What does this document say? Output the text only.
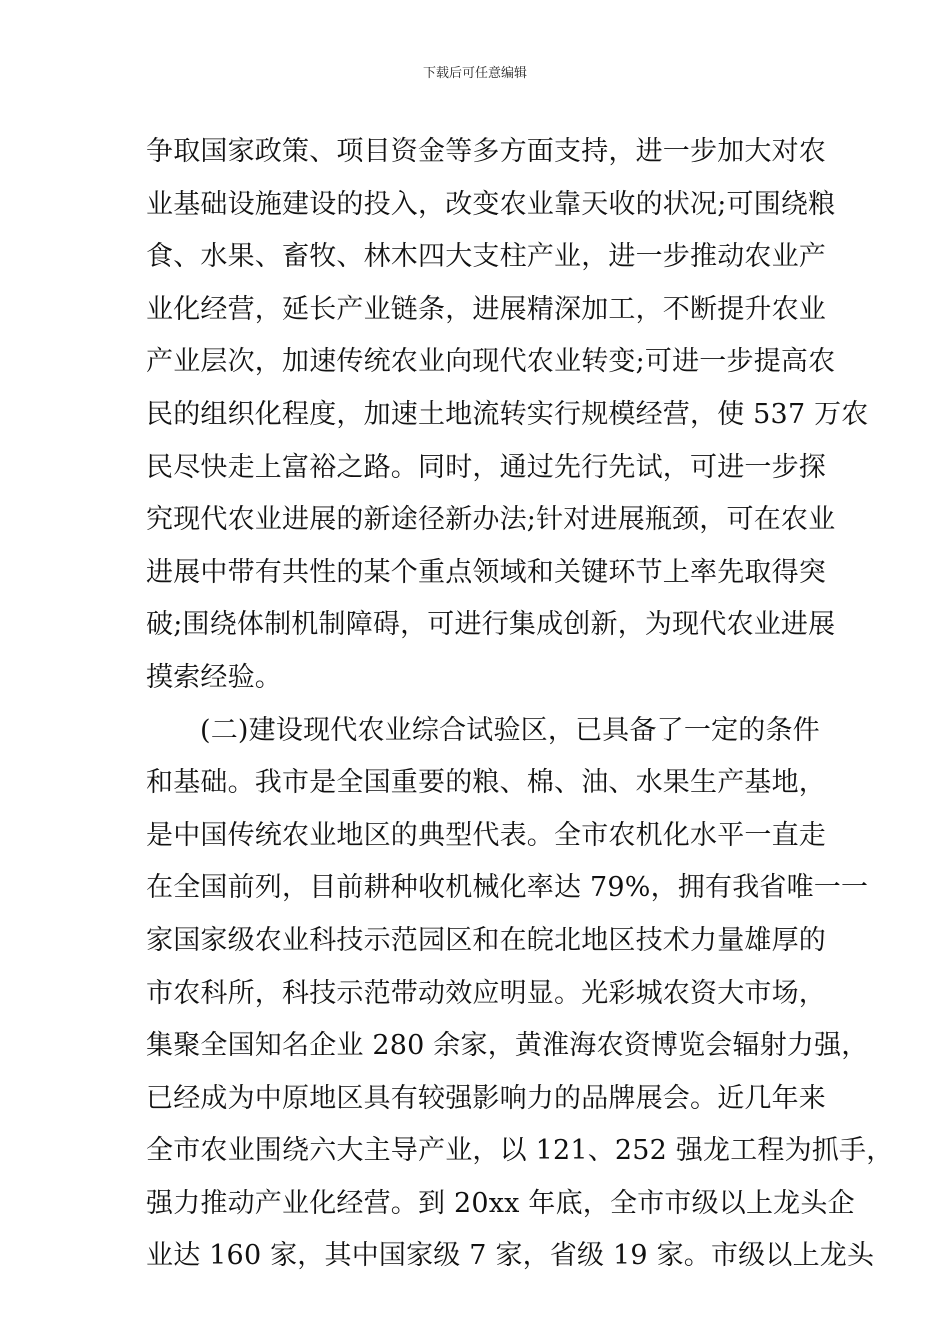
下载后可任意编辑
争取国家政策、项目资金等多方面支持，进一步加大对农
业基础设施建设的投入，改变农业靠天收的状况;可围绕粮
食、水果、畜牧、林木四大支柱产业，进一步推动农业产
业化经营，延长产业链条，进展精深加工，不断提升农业
产业层次，加速传统农业向现代农业转变;可进一步提高农
民的组织化程度，加速土地流转实行规模经营，使 537 万农
民尽快走上富裕之路。同时，通过先行先试，可进一步探
究现代农业进展的新途径新办法;针对进展瓶颈，可在农业
进展中带有共性的某个重点领域和关键环节上率先取得突
破;围绕体制机制障碍，可进行集成创新，为现代农业进展
摸索经验。
(二)建设现代农业综合试验区，已具备了一定的条件
和基础。我市是全国重要的粮、棉、油、水果生产基地，
是中国传统农业地区的典型代表。全市农机化水平一直走
在全国前列，目前耕种收机械化率达 79%，拥有我省唯一一
家国家级农业科技示范园区和在皖北地区技术力量雄厚的
市农科所，科技示范带动效应明显。光彩城农资大市场，
集聚全国知名企业 280 余家，黄淮海农资博览会辐射力强，
已经成为中原地区具有较强影响力的品牌展会。近几年来
全市农业围绕六大主导产业，以 121、252 强龙工程为抓手，
强力推动产业化经营。到 20xx 年底，全市市级以上龙头企
业达 160 家，其中国家级 7 家，省级 19 家。市级以上龙头
